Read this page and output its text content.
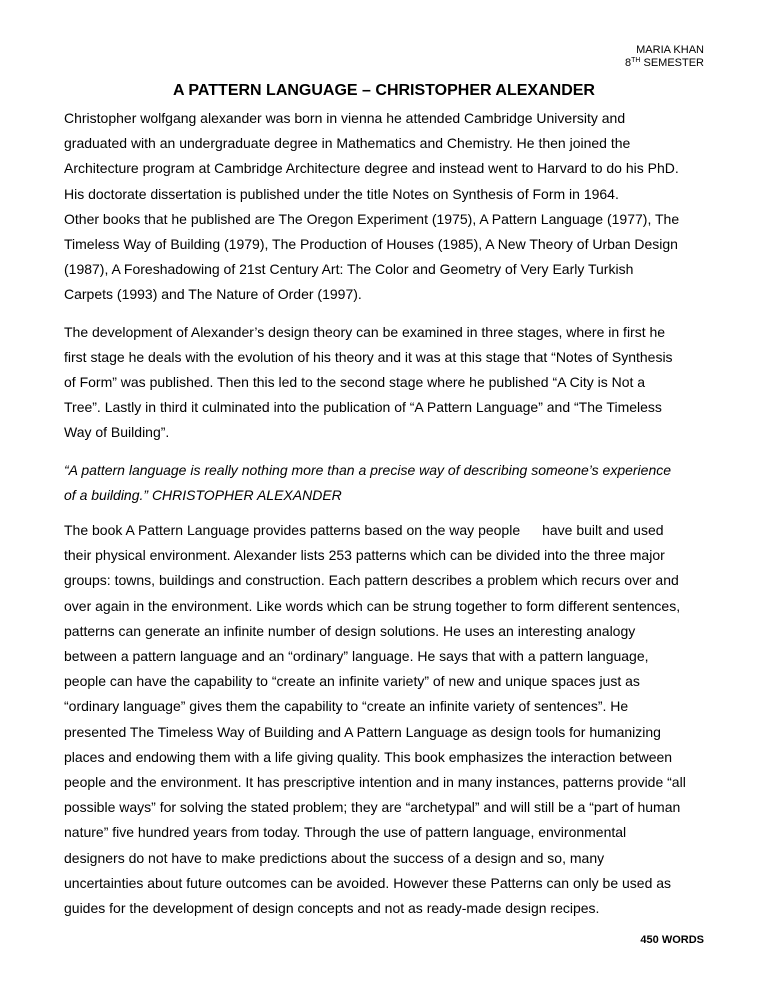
MARIA KHAN
8TH SEMESTER
A PATTERN LANGUAGE – CHRISTOPHER ALEXANDER

Christopher wolfgang alexander was born in vienna he attended Cambridge University and

graduated with an undergraduate degree in Mathematics and Chemistry. He then joined the

Architecture program at Cambridge Architecture degree and instead went to Harvard to do his PhD.

His doctorate dissertation is published under the title Notes on Synthesis of Form in 1964.

Other books that he published are The Oregon Experiment (1975), A Pattern Language (1977), The

Timeless Way of Building (1979), The Production of Houses (1985), A New Theory of Urban Design

(1987), A Foreshadowing of 21st Century Art: The Color and Geometry of Very Early Turkish

Carpets (1993) and The Nature of Order (1997).

The development of Alexander’s design theory can be examined in three stages, where in first he

first stage he deals with the evolution of his theory and it was at this stage that “Notes of Synthesis

of Form” was published. Then this led to the second stage where he published “A City is Not a

Tree”. Lastly in third it culminated into the publication of “A Pattern Language” and “The Timeless

Way of Building”.

“A pattern language is really nothing more than a precise way of describing someone’s experience

of a building.” CHRISTOPHER ALEXANDER

The book A Pattern Language provides patterns based on the way people have built and used

their physical environment. Alexander lists 253 patterns which can be divided into the three major

groups: towns, buildings and construction. Each pattern describes a problem which recurs over and

over again in the environment. Like words which can be strung together to form different sentences,

patterns can generate an infinite number of design solutions. He uses an interesting analogy

between a pattern language and an “ordinary” language. He says that with a pattern language,

people can have the capability to “create an infinite variety” of new and unique spaces just as

“ordinary language” gives them the capability to “create an infinite variety of sentences”. He

presented The Timeless Way of Building and A Pattern Language as design tools for humanizing

places and endowing them with a life giving quality. This book emphasizes the interaction between

people and the environment. It has prescriptive intention and in many instances, patterns provide “all

possible ways” for solving the stated problem; they are “archetypal” and will still be a “part of human

nature” five hundred years from today. Through the use of pattern language, environmental

designers do not have to make predictions about the success of a design and so, many

uncertainties about future outcomes can be avoided. However these Patterns can only be used as

guides for the development of design concepts and not as ready-made design recipes.

450 WORDS
